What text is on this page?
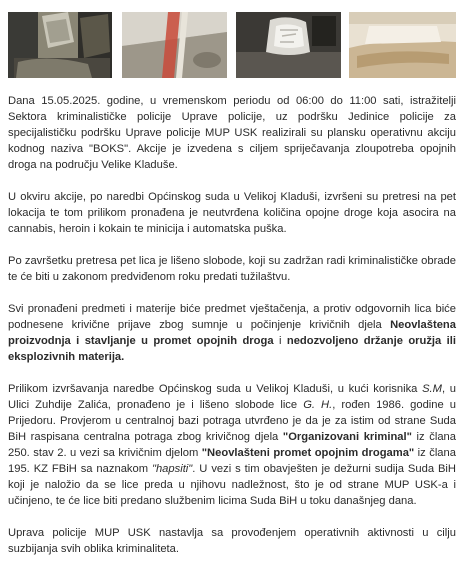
Dana 15.05.2025. godine, u vremenskom periodu od 06:00 do 11:00 sati, istražitelji Sektora kriminalističke policije Uprave policije, uz podršku Jedinice policije za specijalističku podršku Uprave policije MUP USK realizirali su plansku operativnu akciju kodnog naziva "BOKS". Akcije je izvedena s ciljem spriječavanja zloupotreba opojnih droga na području Velike Kladuše.

U okviru akcije, po naredbi Općinskog suda u Velikoj Kladuši, izvršeni su pretresi na pet lokacija te tom prilikom pronađena je neutvrđena količina opojne droge koja asocira na cannabis, heroin i kokain te minicija i automatska puška.

Po završetku pretresa pet lica je lišeno slobode, koji su zadržan radi kriminalističke obrade te će biti u zakonom predviđenom roku predati tužilaštvu.

Svi pronađeni predmeti i materije biće predmet vještačenja, a protiv odgovornih lica biće podnesene krivične prijave zbog sumnje u počinjenje krivičnih djela Neovlaštena proizvodnja i stavljanje u promet opojnih droga i nedozvoljeno držanje oružja ili eksplozivnih materija.

Prilikom izvršavanja naredbe Općinskog suda u Velikoj Kladuši, u kući korisnika S.M, u Ulici Zuhdije Zalića, pronađeno je i lišeno slobode lice G. H., rođen 1986. godine u Prijedoru. Provjerom u centralnoj bazi potraga utvrđeno je da je za istim od strane Suda BiH raspisana centralna potraga zbog krivičnog djela "Organizovani kriminal" iz člana 250. stav 2. u vezi sa krivičnim djelom "Neovlašteni promet opojnim drogama" iz člana 195. KZ FBiH sa naznakom "hapsiti". U vezi s tim obavješten je dežurni sudija Suda BiH koji je naložio da se lice preda u njihovu nadležnost, što je od strane MUP USK-a i učinjeno, te će lice biti predano službenim licima Suda BiH u toku današnjeg dana.

Uprava policije MUP USK nastavlja sa provođenjem operativnih aktivnosti u cilju suzbijanja svih oblika kriminaliteta.
